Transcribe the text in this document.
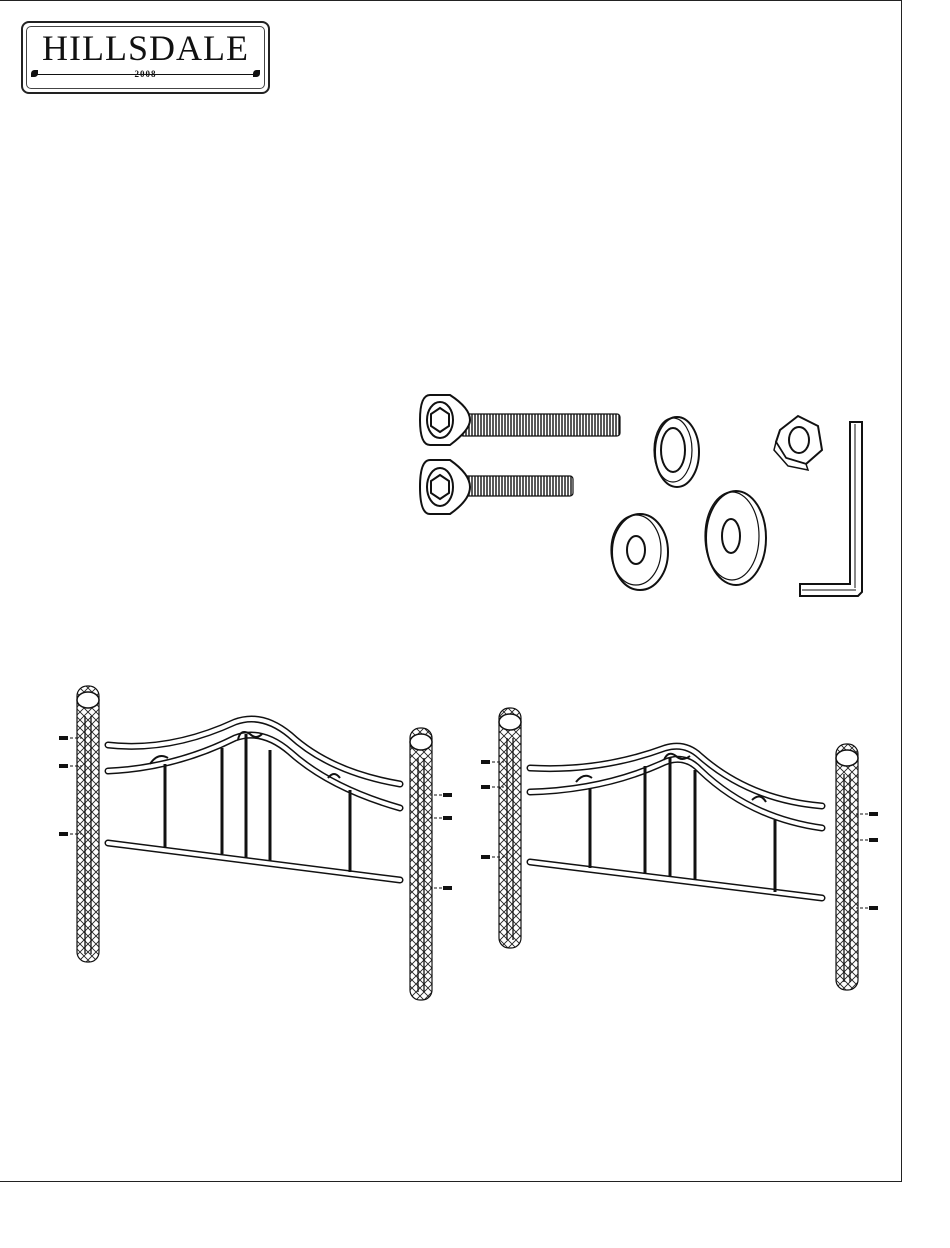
HILLSDALE
2008
